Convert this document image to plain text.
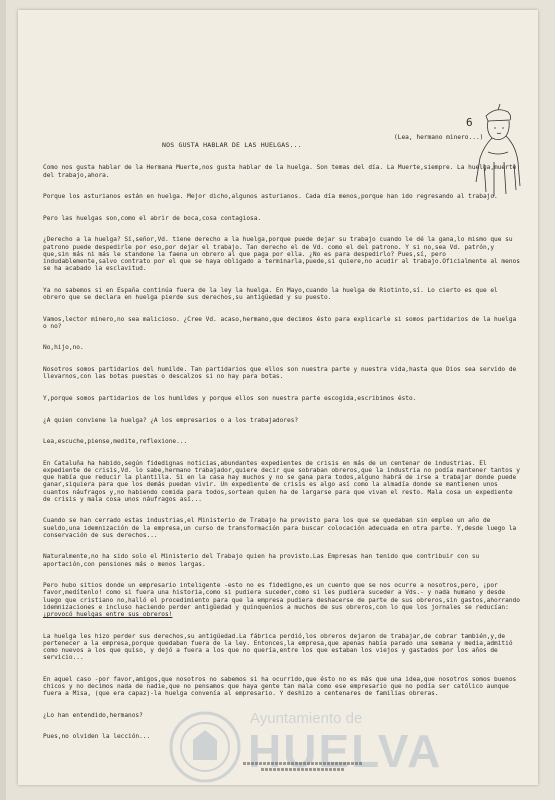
6
(Lea, hermano minero...)
NOS GUSTA HABLAR DE LAS HUELGAS...

Como nos gusta hablar de la Hermana Muerte,nos gusta hablar de la huelga. Son temas del día. La Muerte,siempre. La huelga,muerte del trabajo,ahora.

Porque los asturianos están en huelga. Mejor dicho,algunos asturianos. Cada día menos,porque han ido regresando al trabajo.

Pero las huelgas son,como el abrir de boca,cosa contagiosa.

¿Derecho a la huelga? Sí,señor,Vd. tiene derecho a la huelga,porque puede dejar su trabajo cuando le dé la gana,lo mismo que su patrono puede despedirle por eso,por dejar el trabajo. Tan derecho el de Vd. como el del patrono. Y si no,sea Vd. patrón,y que,sin más ni más le standone la faena un obrero al que paga por ella. ¿No es para despedirlo? Pues,sí, pero indudablemente,salvo contrato por el que se haya obligado a terminarla,puede,si quiere,no acudir al trabajo.Oficialmente al menos se ha acabado la esclavitud.

Ya no sabemos si en España continúa fuera de la ley la huelga. En Mayo,cuando la huelga de Riotinto,sí. Lo cierto es que el obrero que se declara en huelga pierde sus derechos,su antigüedad y su puesto.

Vamos,lector minero,no sea malicioso. ¿Cree Vd. acaso,hermano,que decimos ésto para explicarle si somos partidarios de la huelga o no?

No,hijo,no.

Nosotros somos partidarios del humilde. Tan partidarios que ellos son nuestra parte y nuestra vida,hasta que Dios sea servido de llevarnos,con las botas puestas o descalzos si no hay para botas.

Y,porque somos partidarios de los humildes y porque ellos son nuestra parte escogida,escribimos ésto.

¿A quien conviene la huelga? ¿A los empresarios o a los trabajadores?

Lea,escuche,piense,medite,reflexione...

En Cataluña ha habido,según fidedignas noticias,abundantes expedientes de crisis en más de un centenar de industrias. El expediente de crisis,Vd. lo sabe,hermano trabajador,quiere decir que sobraban obreros,que la industria no podía mantener tantos y que había que reducir la plantilla. Si en la casa hay muchos y no se gana para todos,alguno habrá de irse a trabajar donde puede ganar,siquiera para que los demás puedan vivir. Un expediente de crisis es algo así como la almadía donde se mantienen unos cuantos náufragos y,no habiendo comida para todos,sortean quien ha de largarse para que vivan el resto. Mala cosa un expediente de crisis y mala cosa unos náufragos así...

Cuando se han cerrado estas industrias,el Ministerio de Trabajo ha previsto para los que se quedaban sin empleo un año de sueldo,una idemnización de la empresa,un curso de transformación para buscar colocación adecuada en otra parte. Y,desde luego la conservación de sus derechos...

Naturalmente,no ha sido solo el Ministerio del Trabajo quien ha provisto.Las Empresas han tenido que contribuir con su aportación,con pensiones más o menos largas.

Pero hubo sitios donde un empresario inteligente -esto no es fidedigno,es un cuento que se nos ocurre a nosotros,pero, ¡por favor,medítenlo! como si fuera una historia,como si pudiera suceder,como si les pudiera suceder a Vds.- y nada humano y desde luego que cristiano no,halló el procedimiento para que la empresa pudiera deshacerse de parte de sus obreros,sin gastos,ahorrando idemnizaciones e incluso haciendo perder antigüedad y quinquenios a muchos de sus obreros,con lo que los jornales se reducían: ¡provocó huelgas entre sus obreros!

La huelga les hizo perder sus derechos,su antigüedad.La fábrica perdió,los obreros dejaron de trabajar,de cobrar también,y,de pertenecer a la empresa,porque quedaban fuera de la ley. Entonces,la empresa,que apenas había parado una semana y media,admitió como nuevos a los que quiso, y dejó a fuera a los que no quería,entre los que estaban los viejos y gastados por los años de servicio...

En aquel caso -por favor,amigos,que nosotros no sabemos si ha ocurrido,que ésto no es más que una idea,que nosotros somos buenos chicos y no decimos nada de nadie,que no pensamos que haya gente tan mala como ese empresario que no podía ser católico aunque fuera a Misa, (que era capaz)-la huelga convenía al empresario. Y deshizo a centenares de familias obreras.

¿Lo han entendido,hermanos?

Pues,no olviden la lección...

Ayuntamiento de
HUELVA
